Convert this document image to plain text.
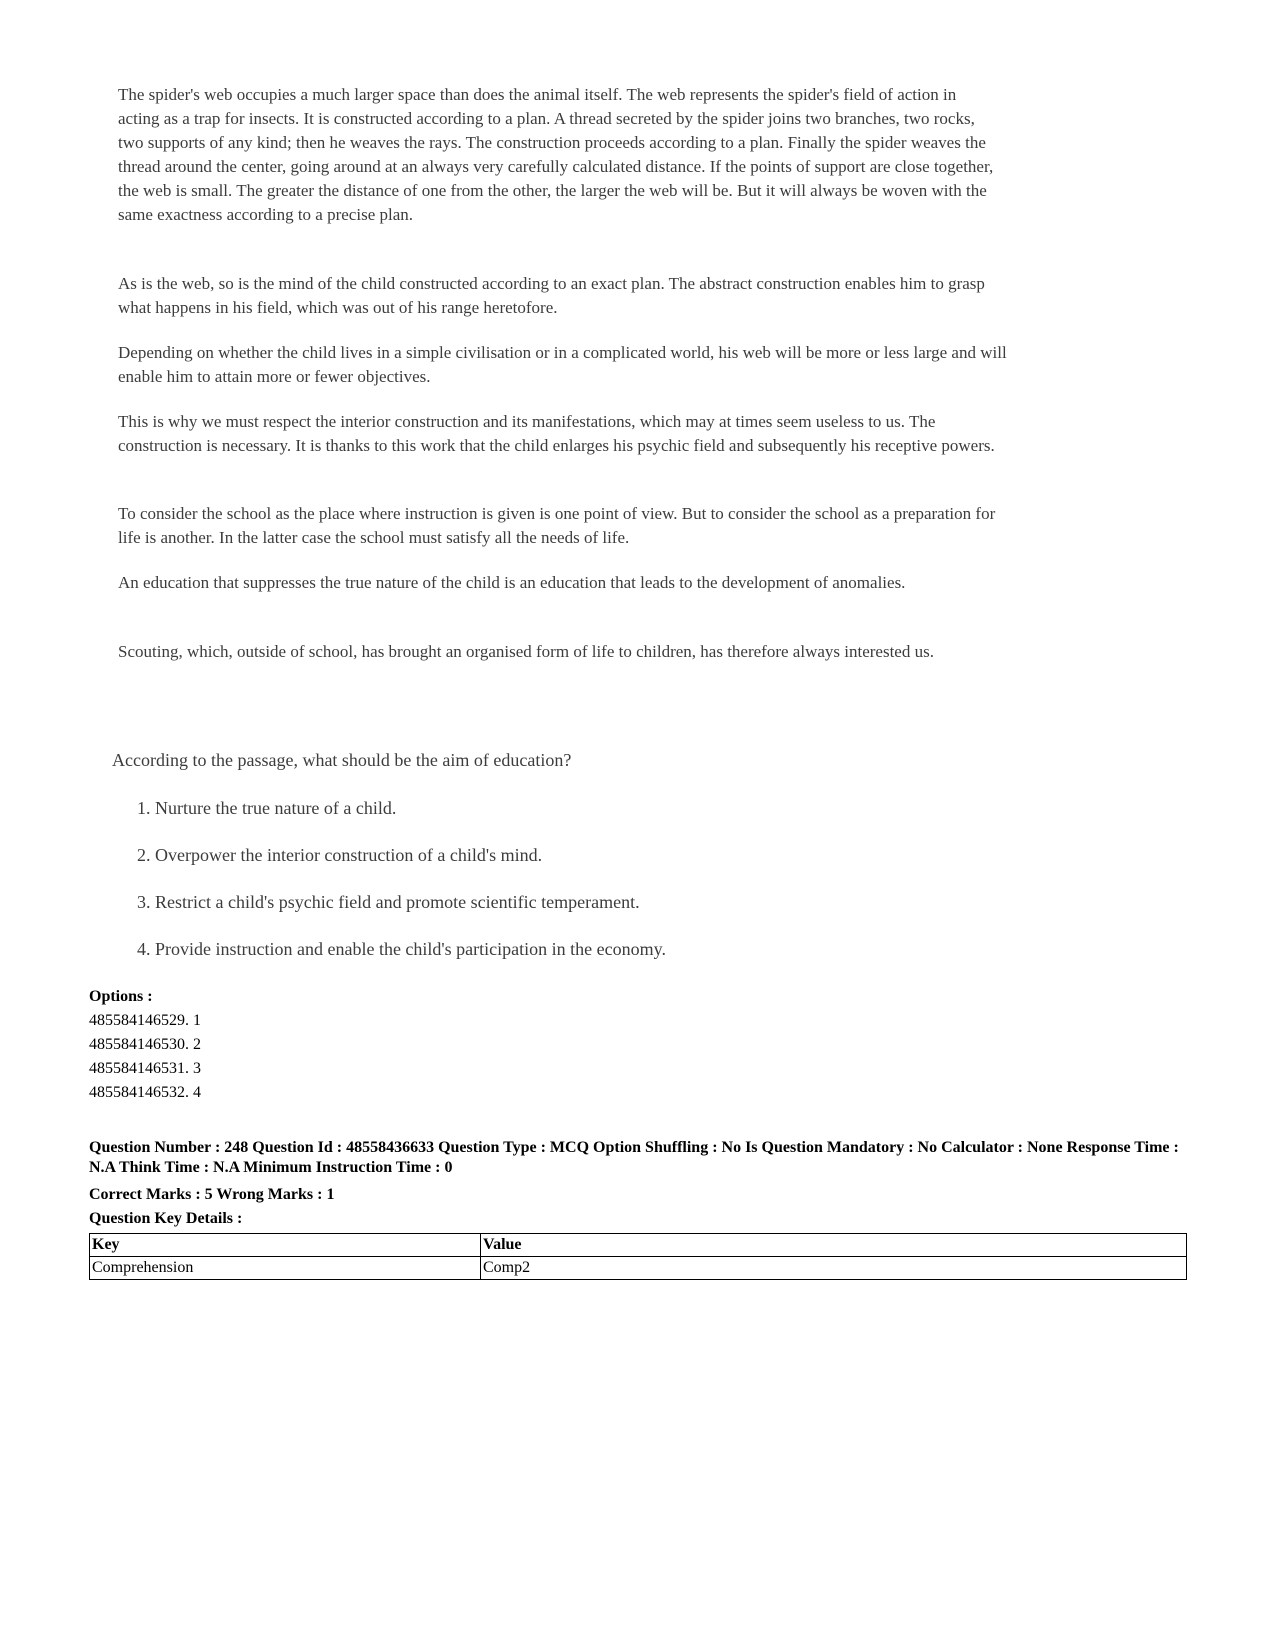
The spider's web occupies a much larger space than does the animal itself. The web represents the spider's field of action in acting as a trap for insects. It is constructed according to a plan. A thread secreted by the spider joins two branches, two rocks, two supports of any kind; then he weaves the rays. The construction proceeds according to a plan. Finally the spider weaves the thread around the center, going around at an always very carefully calculated distance. If the points of support are close together, the web is small. The greater the distance of one from the other, the larger the web will be. But it will always be woven with the same exactness according to a precise plan.

As is the web, so is the mind of the child constructed according to an exact plan. The abstract construction enables him to grasp what happens in his field, which was out of his range heretofore.

Depending on whether the child lives in a simple civilisation or in a complicated world, his web will be more or less large and will enable him to attain more or fewer objectives.

This is why we must respect the interior construction and its manifestations, which may at times seem useless to us. The construction is necessary. It is thanks to this work that the child enlarges his psychic field and subsequently his receptive powers.

To consider the school as the place where instruction is given is one point of view. But to consider the school as a preparation for life is another. In the latter case the school must satisfy all the needs of life.

An education that suppresses the true nature of the child is an education that leads to the development of anomalies.

Scouting, which, outside of school, has brought an organised form of life to children, has therefore always interested us.

According to the passage, what should be the aim of education?
1. Nurture the true nature of a child.
2. Overpower the interior construction of a child's mind.
3. Restrict a child's psychic field and promote scientific temperament.
4. Provide instruction and enable the child's participation in the economy.
Options :
485584146529. 1
485584146530. 2
485584146531. 3
485584146532. 4
Question Number : 248 Question Id : 48558436633 Question Type : MCQ Option Shuffling : No Is Question Mandatory : No Calculator : None Response Time : N.A Think Time : N.A Minimum Instruction Time : 0
Correct Marks : 5 Wrong Marks : 1
Question Key Details :
Key	Value
Comprehension	Comp2
